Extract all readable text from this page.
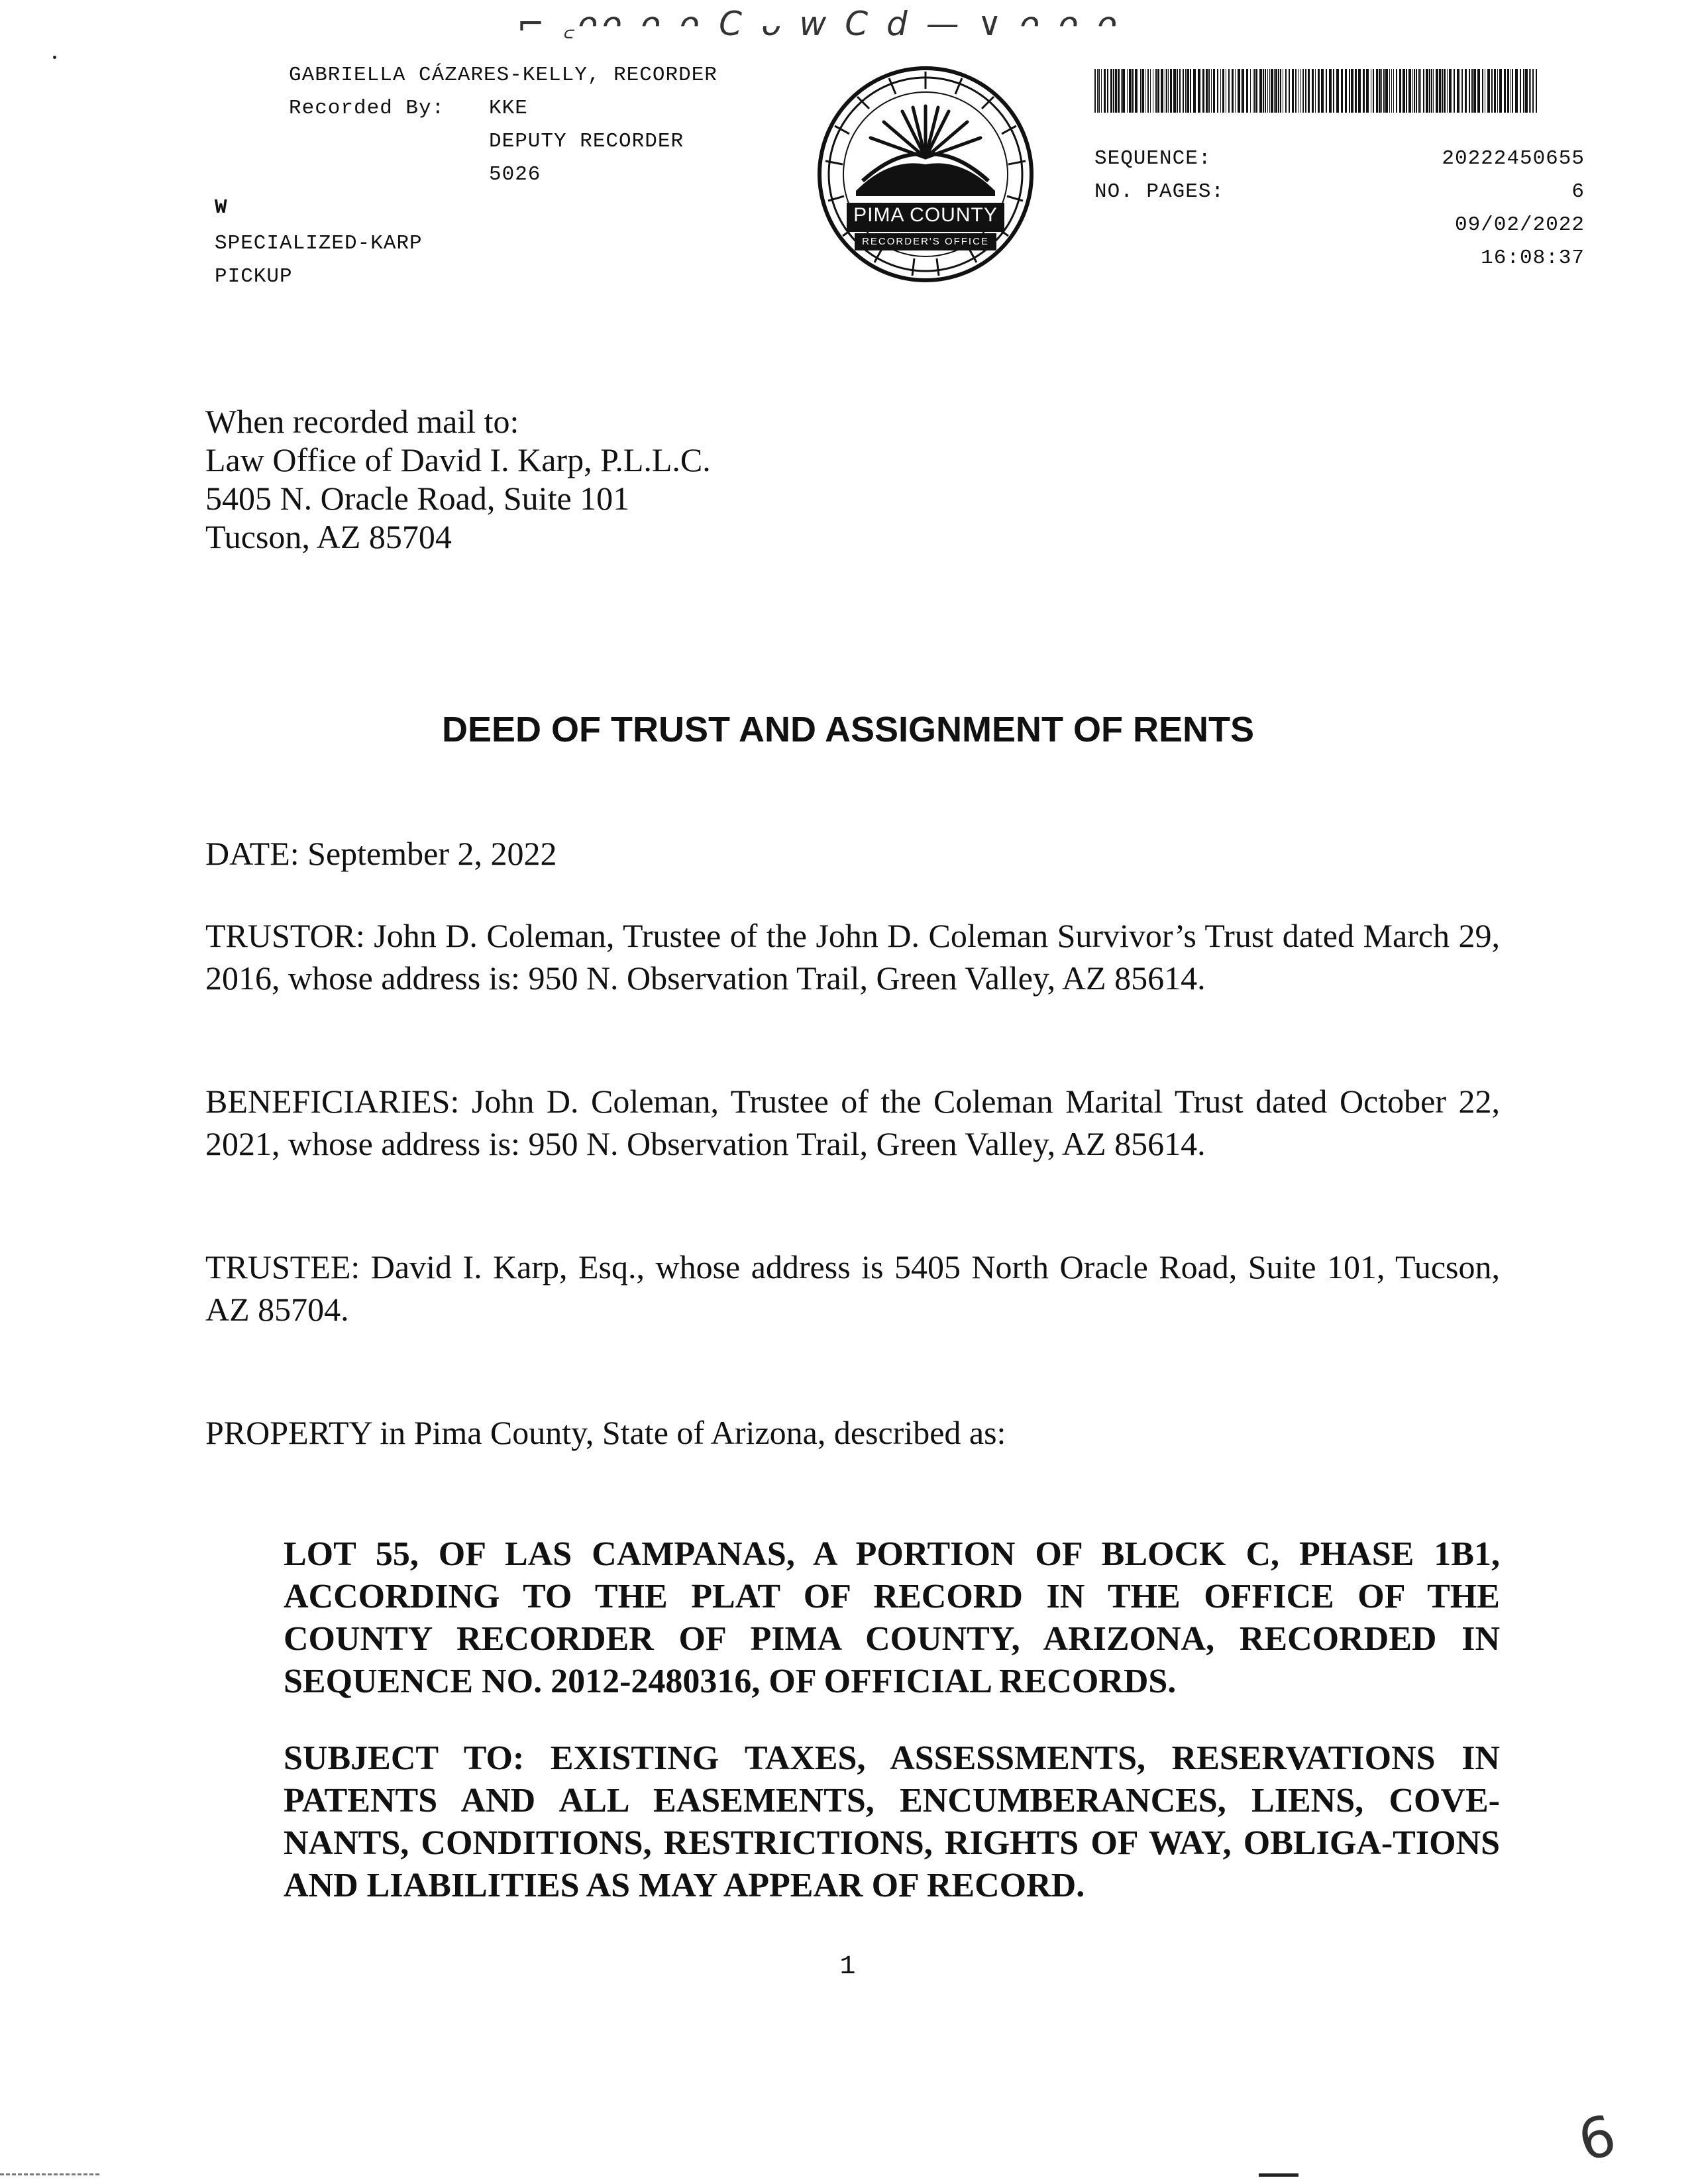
⌐ ꜀ᴖᴖ ᴖ ᴖ C ᴗ ᴡ C d — ∨ ᴖ ᴖ ᴖ
GABRIELLA CÁZARES-KELLY, RECORDER
Recorded By: KKE
DEPUTY RECORDER
5026
W
SPECIALIZED-KARP
PICKUP
PIMA COUNTY
RECORDER'S OFFICE
SEQUENCE:	20222450655
NO. PAGES:	6
09/02/2022
16:08:37
When recorded mail to:
Law Office of David I. Karp, P.L.L.C.
5405 N. Oracle Road, Suite 101
Tucson, AZ 85704
DEED OF TRUST AND ASSIGNMENT OF RENTS
DATE: September 2, 2022
TRUSTOR: John D. Coleman, Trustee of the John D. Coleman Survivor’s Trust dated March 29, 2016, whose address is: 950 N. Observation Trail, Green Valley, AZ 85614.
BENEFICIARIES: John D. Coleman, Trustee of the Coleman Marital Trust dated October 22, 2021, whose address is: 950 N. Observation Trail, Green Valley, AZ 85614.
TRUSTEE: David I. Karp, Esq., whose address is 5405 North Oracle Road, Suite 101, Tucson, AZ 85704.
PROPERTY in Pima County, State of Arizona, described as:
LOT 55, OF LAS CAMPANAS, A PORTION OF BLOCK C, PHASE 1B1, ACCORDING TO THE PLAT OF RECORD IN THE OFFICE OF THE COUNTY RECORDER OF PIMA COUNTY, ARIZONA, RECORDED IN SEQUENCE NO. 2012-2480316, OF OFFICIAL RECORDS.
SUBJECT TO: EXISTING TAXES, ASSESSMENTS, RESERVATIONS IN PATENTS AND ALL EASEMENTS, ENCUMBERANCES, LIENS, COVE-NANTS, CONDITIONS, RESTRICTIONS, RIGHTS OF WAY, OBLIGA-TIONS AND LIABILITIES AS MAY APPEAR OF RECORD.
1
6
